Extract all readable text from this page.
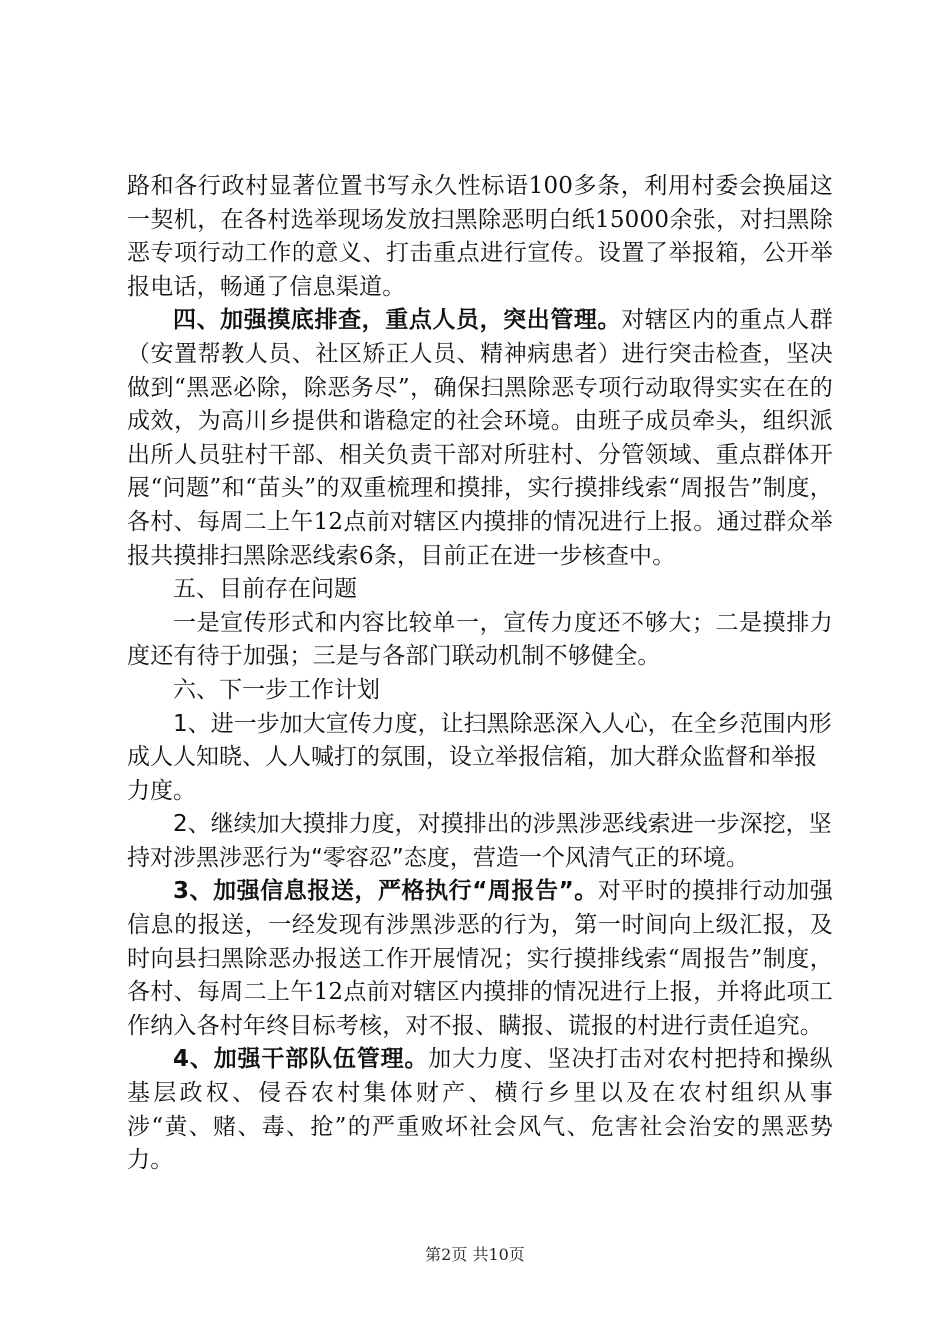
路和各行政村显著位置书写永久性标语100多条，利用村委会换届这一契机，在各村选举现场发放扫黑除恶明白纸15000余张，对扫黑除恶专项行动工作的意义、打击重点进行宣传。设置了举报箱，公开举报电话，畅通了信息渠道。

四、加强摸底排查，重点人员，突出管理。对辖区内的重点人群（安置帮教人员、社区矫正人员、精神病患者）进行突击检查，坚决做到“黑恶必除，除恶务尽”，确保扫黑除恶专项行动取得实实在在的成效，为高川乡提供和谐稳定的社会环境。由班子成员牵头，组织派出所人员驻村干部、相关负责干部对所驻村、分管领域、重点群体开展“问题”和“苗头”的双重梳理和摸排，实行摸排线索“周报告”制度，各村、每周二上午12点前对辖区内摸排的情况进行上报。通过群众举报共摸排扫黑除恶线索6条，目前正在进一步核查中。

五、目前存在问题

一是宣传形式和内容比较单一，宣传力度还不够大；二是摸排力度还有待于加强；三是与各部门联动机制不够健全。

六、下一步工作计划

1、进一步加大宣传力度，让扫黑除恶深入人心，在全乡范围内形成人人知晓、人人喊打的氛围，设立举报信箱，加大群众监督和举报力度。

2、继续加大摸排力度，对摸排出的涉黑涉恶线索进一步深挖，坚持对涉黑涉恶行为“零容忍”态度，营造一个风清气正的环境。

3、加强信息报送，严格执行“周报告”。对平时的摸排行动加强信息的报送，一经发现有涉黑涉恶的行为，第一时间向上级汇报，及时向县扫黑除恶办报送工作开展情况；实行摸排线索“周报告”制度，各村、每周二上午12点前对辖区内摸排的情况进行上报，并将此项工作纳入各村年终目标考核，对不报、瞒报、谎报的村进行责任追究。

4、加强干部队伍管理。加大力度、坚决打击对农村把持和操纵基层政权、侵吞农村集体财产、横行乡里以及在农村组织从事涉“黄、赌、毒、抢”的严重败坏社会风气、危害社会治安的黑恶势力。

第2页 共10页
